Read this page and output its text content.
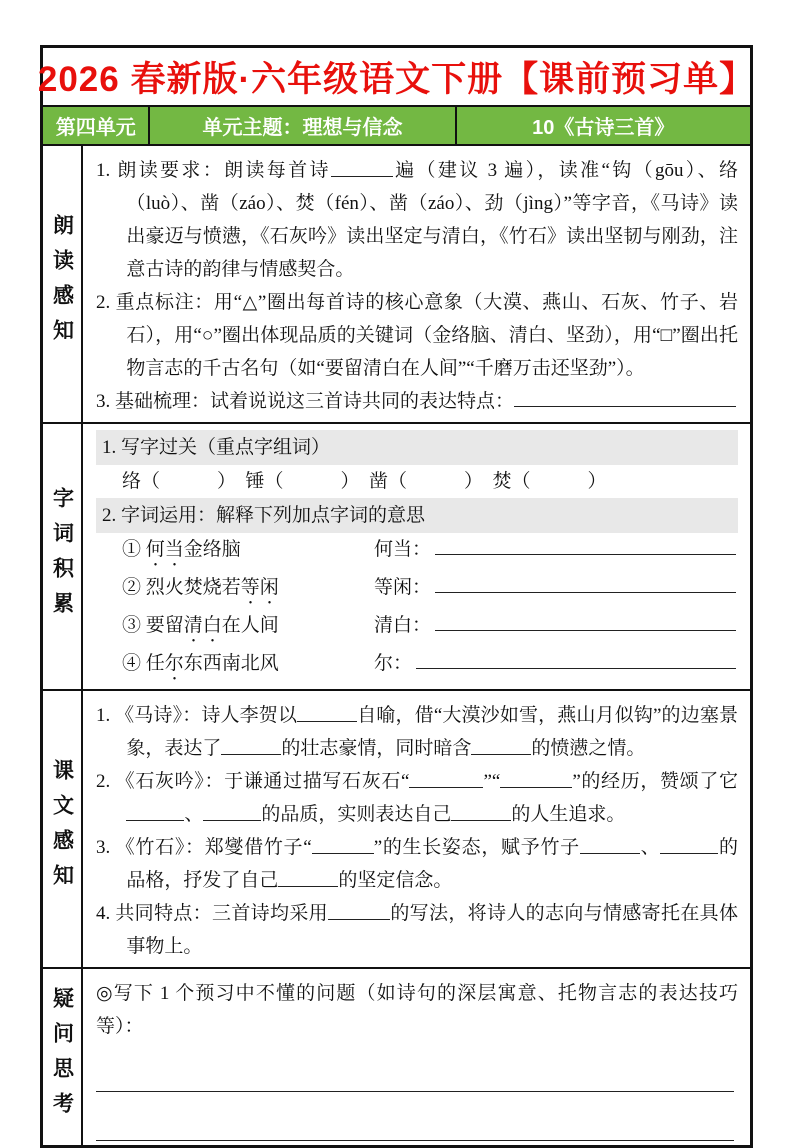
2026 春新版·六年级语文下册【课前预习单】
第四单元	单元主题：理想与信念	10《古诗三首》
朗读感知

1. 朗读要求：朗读每首诗	遍（建议 3 遍），读准“钩（gōu）、络（luò）、凿（záo）、焚（fén）、凿（záo）、劲（jìng）”等字音，《马诗》读出豪迈与愤懑，《石灰吟》读出坚定与清白，《竹石》读出坚韧与刚劲，注意古诗的韵律与情感契合。

2. 重点标注：用“△”圈出每首诗的核心意象（大漠、燕山、石灰、竹子、岩石），用“○”圈出体现品质的关键词（金络脑、清白、坚劲），用“□”圈出托物言志的千古名句（如“要留清白在人间”“千磨万击还坚劲”）。

3. 基础梳理：试着说说这三首诗共同的表达特点：
字词积累

1. 写字过关（重点字组词）

络（　　　）　锤（　　　）　凿（　　　）　焚（　　　）

2. 字词运用：解释下列加点字词的意思

① 何当金络脑	何当：
② 烈火焚烧若等闲	等闲：
③ 要留清白在人间	清白：
④ 任尔东西南北风	尔：
课文感知

1. 《马诗》：诗人李贺以	自喻，借“大漠沙如雪，燕山月似钩”的边塞景象，表达了	的壮志豪情，同时暗含	的愤懑之情。

2. 《石灰吟》：于谦通过描写石灰石“	”“	”的经历，赞颂了它、	的品质，实则表达自己	的人生追求。

3. 《竹石》：郑燮借竹子“	”的生长姿态，赋予竹子	、	的品格，抒发了自己	的坚定信念。

4. 共同特点：三首诗均采用	的写法，将诗人的志向与情感寄托在具体事物上。

疑问思考 ◎写下 1 个预习中不懂的问题（如诗句的深层寓意、托物言志的表达技巧等）：
